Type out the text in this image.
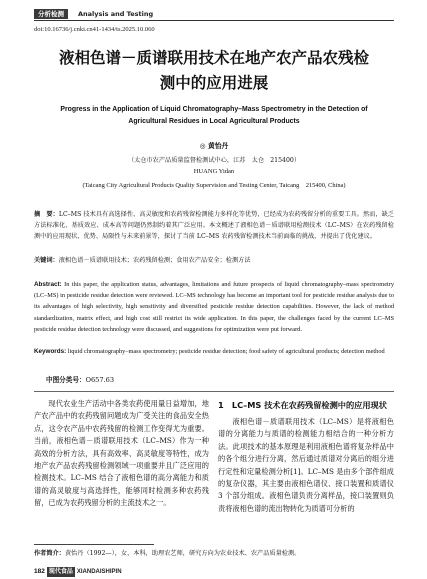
分析检测	Analysis and Testing
doi:10.16736/j.cnki.cn41-1434/ts.2025.10.060
液相色谱－质谱联用技术在地产农产品农残检
测中的应用进展
Progress in the Application of Liquid Chromatography–Mass Spectrometry in the Detection of
Agricultural Residues in Local Agricultural Products
◎ 黄怡丹
（太仓市农产品质量监督检测试中心，江苏　太仓　215400）
HUANG Yidan
(Taicang City Agricultural Products Quality Supervision and Testing Center, Taicang　215400, China)
摘　要：LC–MS 技术具有高选择性、高灵敏度和农药残留检测能力多样化等优势，已经成为农药残留分析的重要工具。然而，缺乏方法标准化、基质效应、成本高等问题仍然制约着其广泛应用。本文概述了液相色谱－质谱联用检测技术（LC–MS）在农药残留检测中的应用现状、优势、局限性与未来前景等，探讨了当前 LC–MS 农药残留检测技术当前面临的挑战，并提出了优化建议。
关键词：液相色谱－质谱联用技术；农药残留检测；食用农产品安全；检测方法
Abstract: In this paper, the application status, advantages, limitations and future prospects of liquid chromatography–mass spectrometry (LC–MS) in pesticide residue detection were reviewed. LC–MS technology has become an important tool for pesticide residue analysis due to its advantages of high selectivity, high sensitivity and diversified pesticide residue detection capabilities. However, the lack of method standardization, matrix effect, and high cost still restrict its wide application. In this paper, the challenges faced by the current LC–MS pesticide residue detection technology were discussed, and suggestions for optimization were put forward.
Keywords: liquid chromatography–mass spectrometry; pesticide residue detection; food safety of agricultural products; detection method
中图分类号：O657.63

现代农业生产活动中各类农药使用量日益增加，地产农产品中的农药残留问题成为广受关注的食品安全热点，这令农产品中农药残留的检测工作变得尤为重要。当前，液相色谱－质谱联用技术（LC–MS）作为一种高效的分析方法，具有高效率、高灵敏度等特性，成为地产农产品农药残留检测领域一项重要并且广泛应用的检测技术。LC–MS 结合了液相色谱的高分离能力和质谱的高灵敏度与高选择性，能够同时检测多种农药残留，已成为农药残留分析的主流技术之一。

1　LC–MS 技术在农药残留检测中的应用现状

液相色谱－质谱联用技术（LC–MS）是将液相色谱的分离能力与质谱的检测能力相结合的一种分析方法。此项技术的基本原理是利用液相色谱将复杂样品中的各个组分进行分离，然后通过质谱对分离后的组分进行定性和定量检测分析[1]。LC–MS 是由多个部件组成的复杂仪器，其主要由液相色谱仪、接口装置和质谱仪 3 个部分组成。液相色谱负责分离样品，接口装置则负责将液相色谱的流出物转化为质谱可分析的

作者简介：黄怡丹（1992—），女，本科，助理农艺师，研究方向为农业技术、农产品质量检测。
182 现代食品 XIANDAISHIPIN
